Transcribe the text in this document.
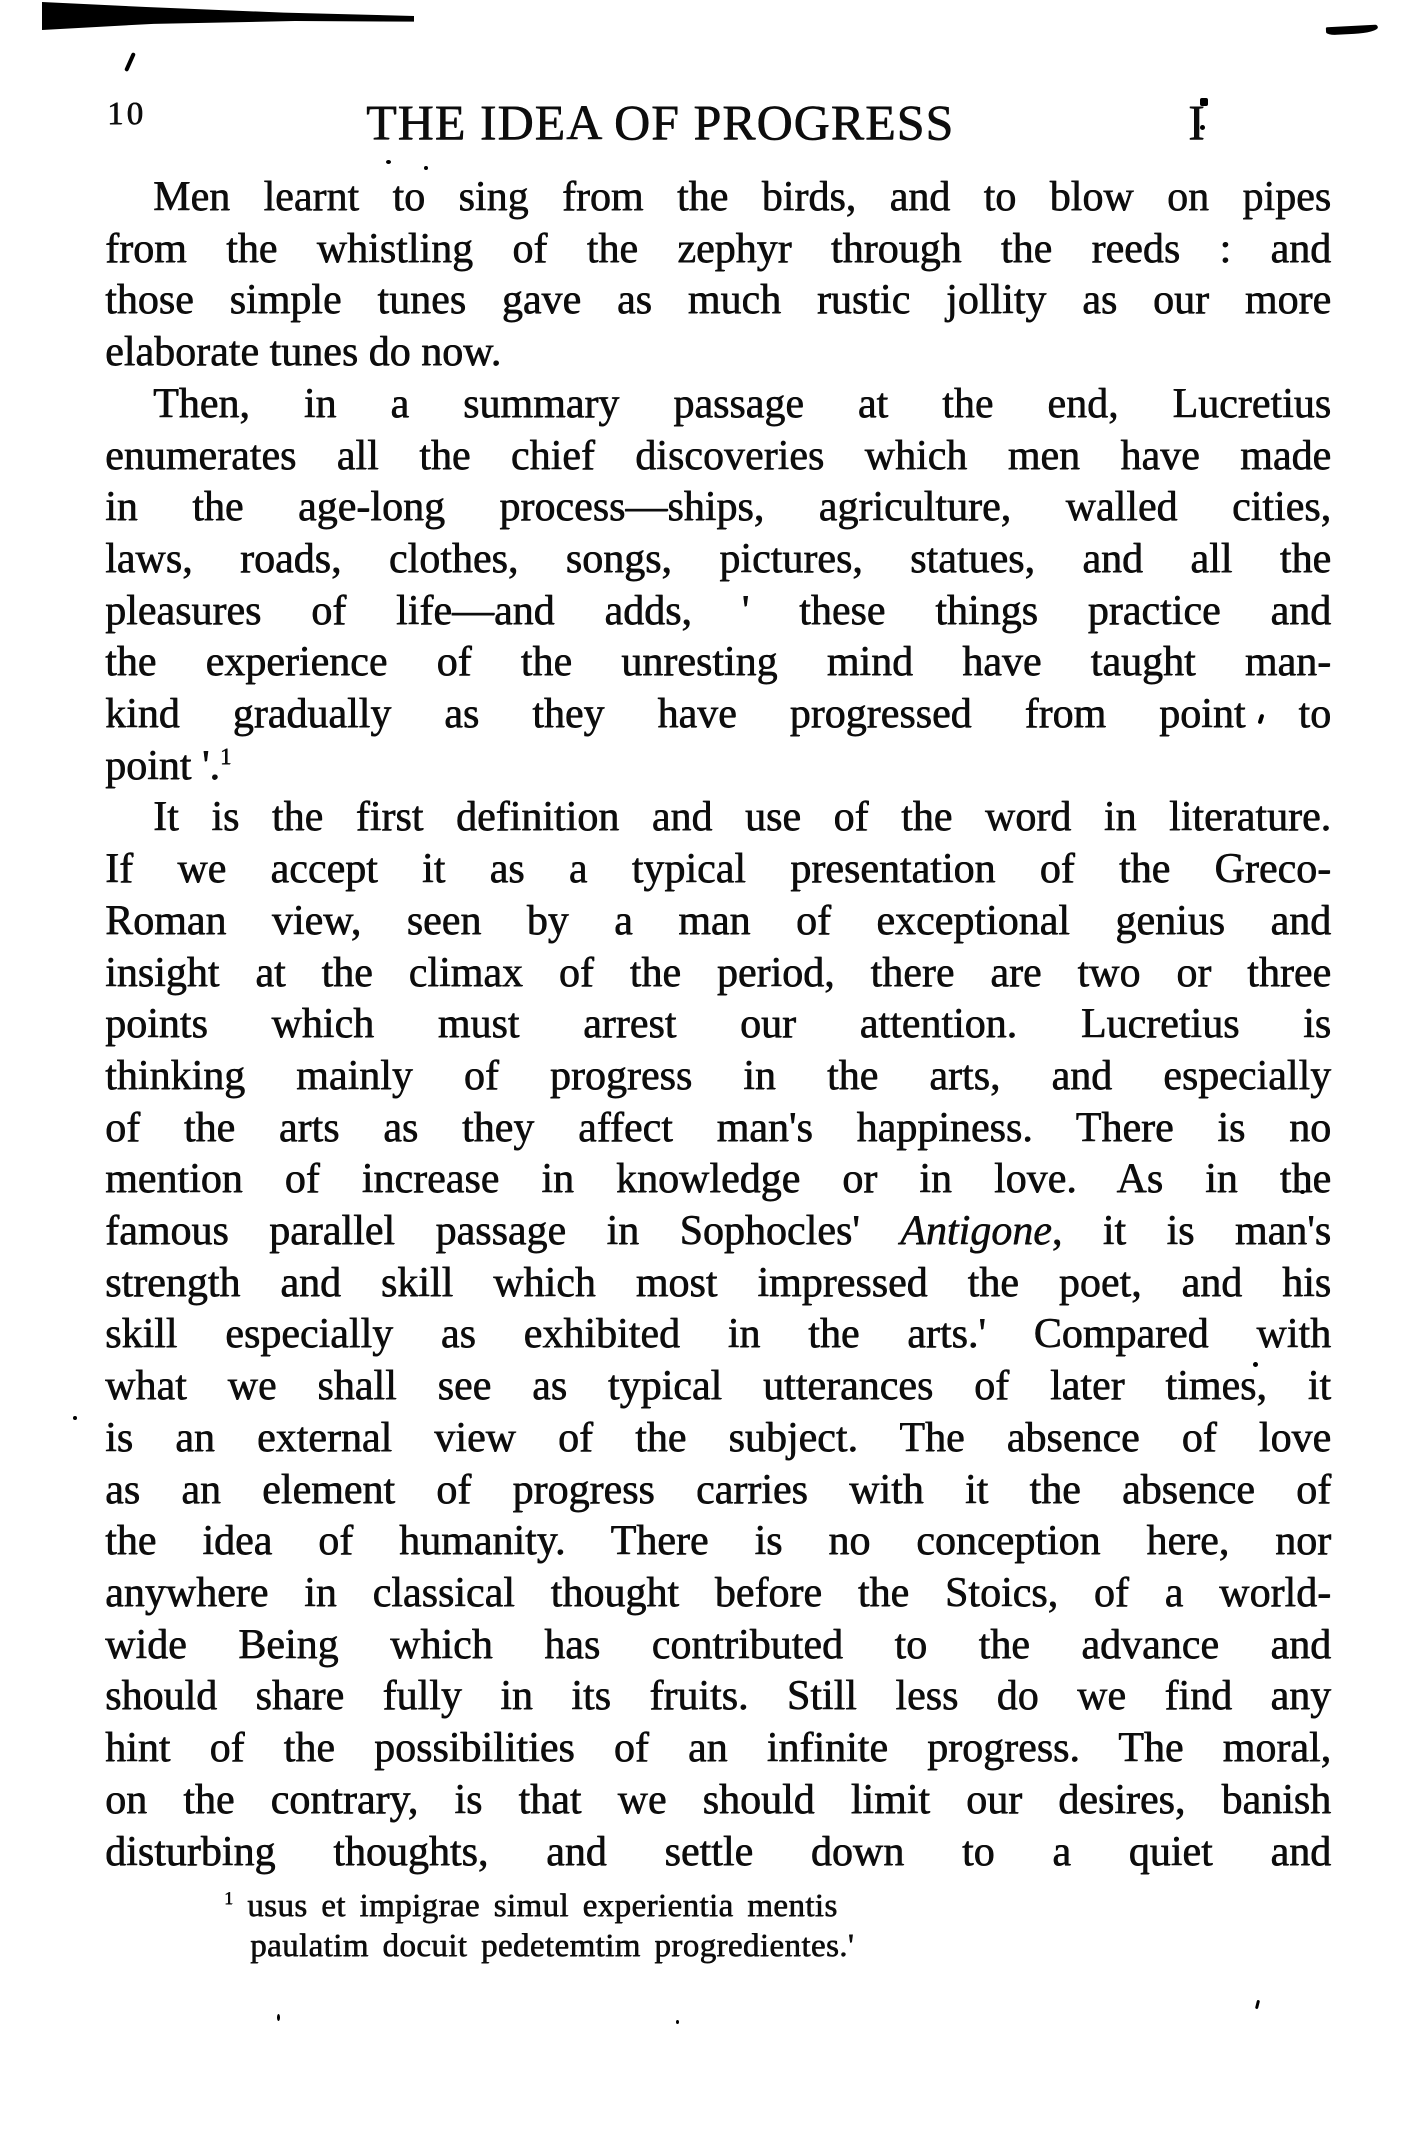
10	THE IDEA OF PROGRESS	I
Men learnt to sing from the birds, and to blow on pipes
from the whistling of the zephyr through the reeds : and
those simple tunes gave as much rustic jollity as our more
elaborate tunes do now.
Then, in a summary passage at the end, Lucretius
enumerates all the chief discoveries which men have made
in the age-long process—ships, agriculture, walled cities,
laws, roads, clothes, songs, pictures, statues, and all the
pleasures of life—and adds, ' these things practice and
the experience of the unresting mind have taught man-
kind gradually as they have progressed from point to
point '.$^1$
It is the first definition and use of the word in literature.
If we accept it as a typical presentation of the Greco-
Roman view, seen by a man of exceptional genius and
insight at the climax of the period, there are two or three
points which must arrest our attention. Lucretius is
thinking mainly of progress in the arts, and especially
of the arts as they affect man's happiness. There is no
mention of increase in knowledge or in love. As in the
famous parallel passage in Sophocles' Antigone, it is man's
strength and skill which most impressed the poet, and his
skill especially as exhibited in the arts.' Compared with
what we shall see as typical utterances of later times, it
is an external view of the subject. The absence of love
as an element of progress carries with it the absence of
the idea of humanity. There is no conception here, nor
anywhere in classical thought before the Stoics, of a world-
wide Being which has contributed to the advance and
should share fully in its fruits. Still less do we find any
hint of the possibilities of an infinite progress. The moral,
on the contrary, is that we should limit our desires, banish
disturbing thoughts, and settle down to a quiet and
$^1$ usus et impigrae simul experientia mentis
paulatim docuit pedetemtim progredientes.'
